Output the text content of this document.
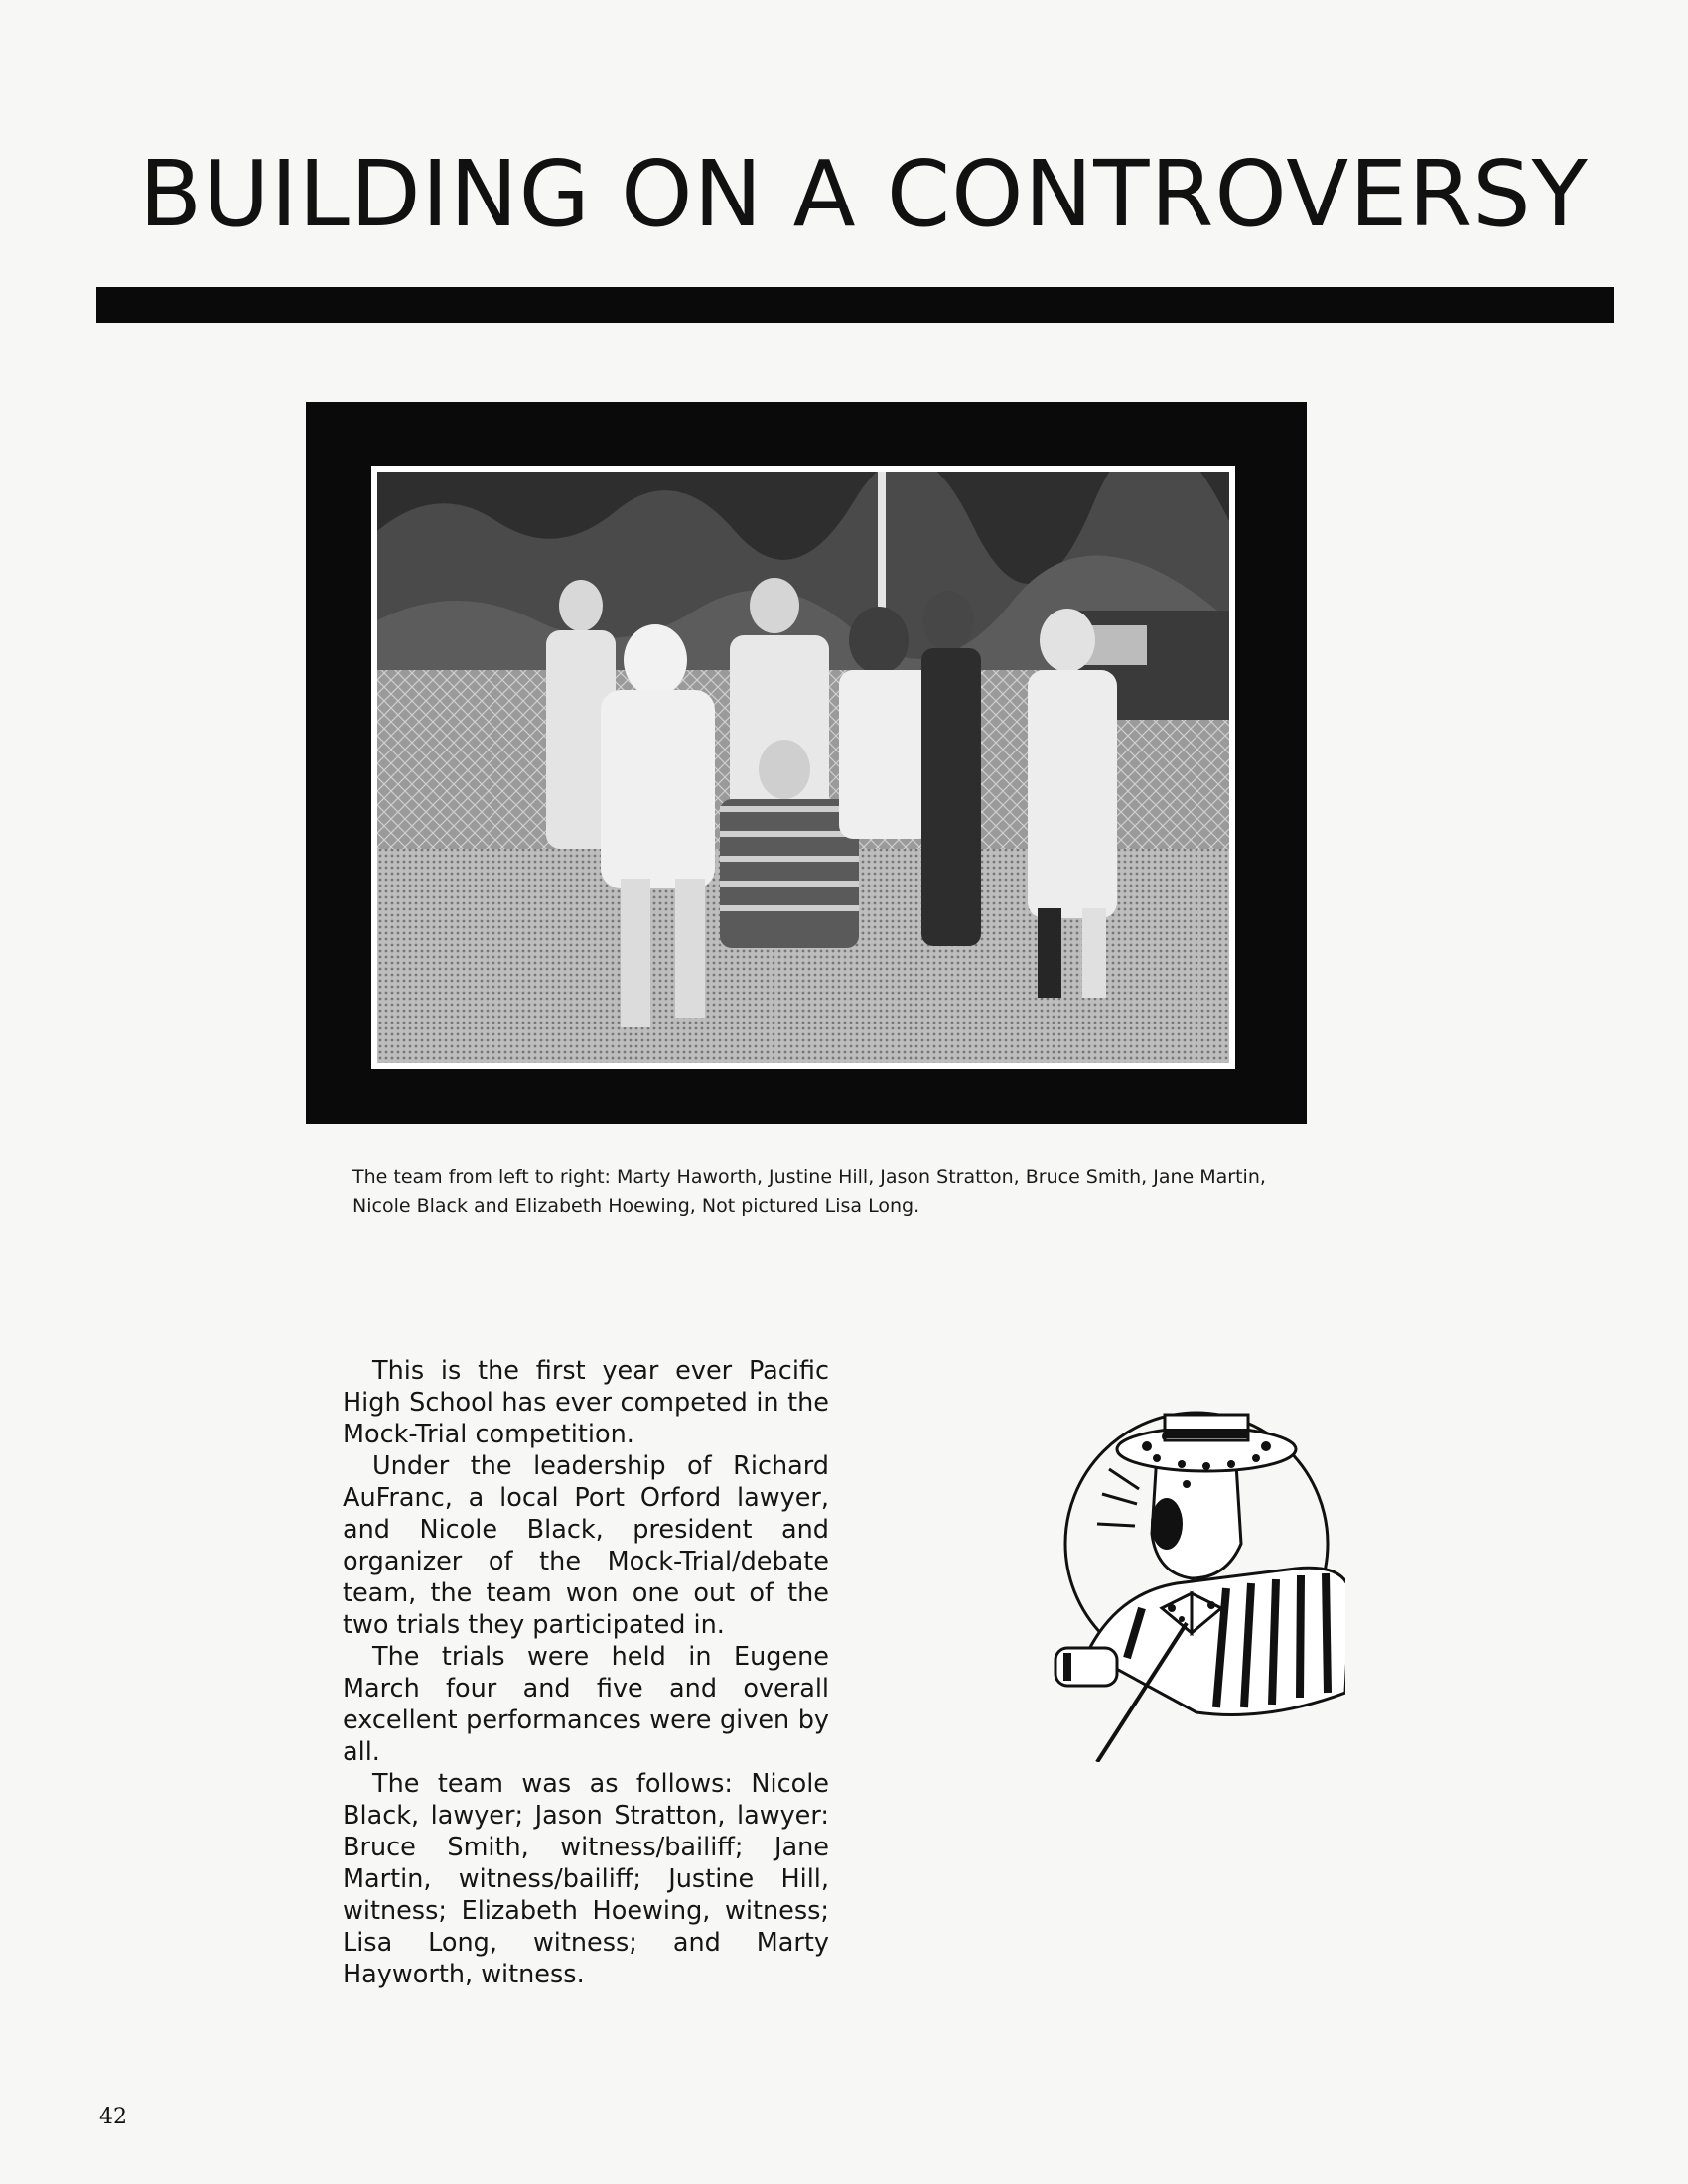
BUILDING ON A CONTROVERSY

The team from left to right: Marty Haworth, Justine Hill, Jason Stratton, Bruce Smith, Jane Martin, Nicole Black and Elizabeth Hoewing, Not pictured Lisa Long.

This is the first year ever Pacific High School has ever competed in the Mock-Trial competition.

Under the leadership of Richard AuFranc, a local Port Orford lawyer, and Nicole Black, president and organizer of the Mock-Trial/debate team, the team won one out of the two trials they participated in.

The trials were held in Eugene March four and five and overall excellent performances were given by all.

The team was as follows: Nicole Black, lawyer; Jason Stratton, lawyer: Bruce Smith, witness/bailiff; Jane Martin, witness/bailiff; Justine Hill, witness; Elizabeth Hoewing, witness; Lisa Long, witness; and Marty Hayworth, witness.

42
